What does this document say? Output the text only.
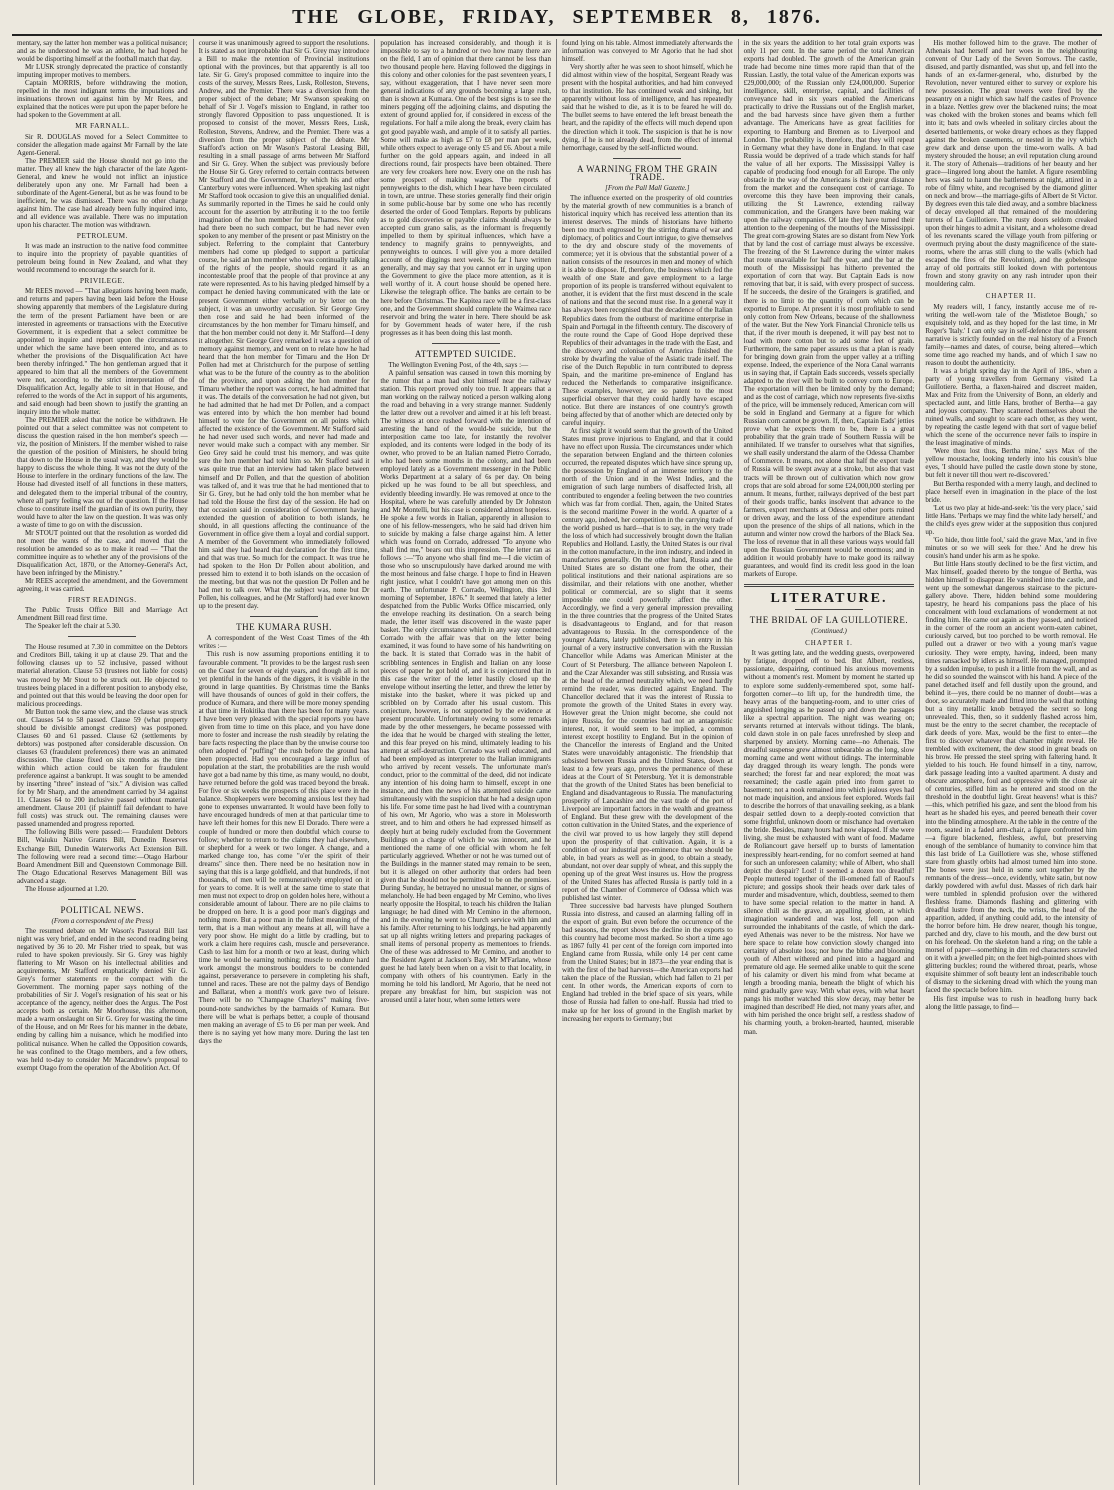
THE GLOBE, FRIDAY, SEPTEMBER 8, 1876.

mentary, say the latter hon member was a political nuisance; and as he understood he was an athlete, he had hoped he would be disporting himself at the football match that day.

Mr LUSK strongly deprecated the practice of constantly imputing improper motives to members.

Captain MORRIS, before withdrawing the motion, repelled in the most indignant terms the imputations and insinuations thrown out against him by Mr Rees, and explained that the notices were put upon the paper before he had spoken to the Government at all.

MR FARNALL.

Sir R. DOUGLAS moved for a Select Committee to consider the allegation made against Mr Farnall by the late Agent-General.

The PREMIER said the House should not go into the matter. They all knew the high character of the late Agent-General, and knew he would not inflict an injustice deliberately upon any one. Mr Farnall had been a subordinate of the Agent-General, but as he was found to be inefficient, he was dismissed. There was no other charge against him. The case had already been fully inquired into, and all evidence was available. There was no imputation upon his character. The motion was withdrawn.

PETROLEUM.

It was made an instruction to the native food committee to inquire into the propriety of payable quantities of petroleum being found in New Zealand, and what they would recommend to encourage the search for it.

PRIVILEGE.

Mr REES moved — "That allegations having been made, and returns and papers having been laid before the House showing apparently that members of the Legislature during the term of the present Parliament have been or are interested in agreements or transactions with the Executive Government, it is expedient that a select committee be appointed to inquire and report upon the circumstances under which the same have been entered into, and as to whether the provisions of the Disqualification Act have been thereby infringed." The hon gentleman argued that it appeared to him that all the members of the Government were not, according to the strict interpretation of the Disqualification Act, legally able to sit in that House, and referred to the words of the Act in support of his arguments, and said enough had been shown to justify the granting an inquiry into the whole matter.

The PREMIER asked that the notice be withdrawn. He pointed out that a select committee was not competent to discuss the question raised in the hon member's speech — viz, the position of Ministers. If the member wished to raise the question of the position of Ministers, he should bring that down to the House in the usual way, and they would be happy to discuss the whole thing. It was not the duty of the House to interfere in the ordinary functions of the law. The House had divested itself of all functions in these matters, and delegated them to the imperial tribunal of the country, where all party feeling was out of the question. If the House chose to constitute itself the guardian of its own purity, they would have to alter the law on the question. It was was only a waste of time to go on with the discussion.

Mr STOUT pointed out that the resolution as worded did not meet the wants of the case, and moved that the resolution be amended so as to make it read — "That the committee inquire as to whether any of the provisions of the Disqualification Act, 1870, or the Attorney-General's Act, have been infringed by the Ministry."

Mr REES accepted the amendment, and the Government agreeing, it was carried.

FIRST READINGS.

The Public Trusts Office Bill and Marriage Act Amendment Bill read first time.

The Speaker left the chair at 5.30.

The House resumed at 7.30 in committee on the Debtors and Creditors Bill, taking it up at clause 29. That and the following clauses up to 52 inclusive, passed without material alteration. Clause 53 (trustees not liable for costs) was moved by Mr Stout to be struck out. He objected to trustees being placed in a different position to anybody else, and pointed out that this would be leaving the door open for malicious proceedings.

Mr Button took the same view, and the clause was struck out. Clauses 54 to 58 passed. Clause 59 (what property should be divisible amongst creditors) was postponed. Clauses 60 and 61 passed. Clause 62 (settlements by debtors) was postponed after considerable discussion. On clauses 63 (fraudulent preferences) there was an animated discussion. The clause fixed on six months as the time within which action could be taken for fraudulent preference against a bankrupt. It was sought to be amended by inserting "three" instead of "six." A division was called for by Mr Sharp, and the amendment carried by 34 against 11. Clauses 64 to 200 inclusive passed without material amendment. Clause 201 (if plaintiff fail defendant to have full costs) was struck out. The remaining clauses were passed unamended and progress reported.

The following Bills were passed:— Fraudulent Debtors Bill, Waiuku Native Grants Bill, Dunedin Reserves Exchange Bill, Dunedin Waterworks Act Extension Bill. The following were read a second time:—Otago Harbour Board Amendment Bill and Queenstown Commonage Bill. The Otago Educational Reserves Management Bill was advanced a stage.

The House adjourned at 1.20.

POLITICAL NEWS.
(From a correspondent of the Press)

The resumed debate on Mr Wason's Pastoral Bill last night was very brief, and ended in the second reading being negatived by 36 to 20. Mr Fisher tried to speak, but was ruled to have spoken previously. Sir G. Grey was highly flattering to Mr Wason on his intellectual abilities and acquirements, Mr Stafford emphatically denied Sir G. Grey's former statements re the compact with the Government. The morning paper says nothing of the probabilities of Sir J. Vogel's resignation of his seat or his acceptance of the agency, neither does the Argus. The Post accepts both as certain. Mr Moorhouse, this afternoon, made a warm onslaught on Sir G. Grey for wasting the time of the House, and on Mr Rees for his manner in the debate, ending by calling him a nuisance, which he modified into political nuisance. When he called the Opposition cowards, he was confined to the Otago members, and a few others, was held to-day to consider Mr Macandrew's proposal to exempt Otago from the operation of the Abolition Act. Of

course it was unanimously agreed to support the resolutions. It is stated as not improbable that Sir G. Grey may introduce a Bill to make the retention of Provincial institutions optional with the provinces, but that apparently is all too late. Sir G. Grey's proposed committee to inquire into the costs of the survey, Messrs Rees, Lusk, Rolleston, Stevens, Andrew, and the Premier. There was a diversion from the proper subject of the debate; Mr Swanson speaking on behalf of Sir J. Vogel's mission to England, in rather too strongly flavored Opposition to pass unquestioned. It is proposed to consist of the mover, Messrs Rees, Lusk, Rolleston, Stevens, Andrew, and the Premier. There was a diversion from the proper subject of the debate. Mr Stafford's action on Mr Wason's Pastoral Leasing Bill, resulting in a small passage of arms between Mr Stafford and Sir G. Grey. When the subject was previously before the House Sir G. Grey referred to certain contracts between Mr Stafford and the Government, by which his and other Canterbury votes were influenced. When speaking last night Mr Stafford took occasion to give this an unqualified denial. As summarily reported in the Times he said he could only account for the assertion by attributing it to the too fertile imagination of the hon member for the Thames. Not only had there been no such compact, but he had never even spoken to any member of the present or past Ministry on the subject. Referring to the complaint that Canterbury members had come up pledged to support a particular course, he said an hon member who was continually talking of the rights of the people, should regard it as an incontestable proof that the people of that province at any rate were represented. As to his having pledged himself by a compact he denied having communicated with the late or present Government either verbally or by letter on the subject, it was an unworthy accusation. Sir George Grey then rose and said he had been informed of the circumstances by the hon member for Timaru himself, and that the hon member could not deny it. Mr Stafford—I deny it altogether. Sir George Grey remarked it was a question of memory against memory, and went on to relate how he had heard that the hon member for Timaru and the Hon Dr Pollen had met at Christchurch for the purpose of settling what was to be the future of the country as to the abolition of the province, and upon asking the hon member for Timaru whether the report was correct, he had admitted that it was. The details of the conversation he had not given, but he had admitted that he had met Dr Pollen, and a compact was entered into by which the hon member had bound himself to vote for the Government on all points which affected the existence of the Government. Mr Stafford said he had never used such words, and never had made and never would make such a compact with any member. Sir Geo Grey said he could trust his memory, and was quite sure the hon member had told him so. Mr Stafford said it was quite true that an interview had taken place between himself and Dr Pollen, and that the question of abolition was talked of, and it was true that he had mentioned that to Sir G. Grey, but he had only told the hon member what he had told the House the first day of the session. He had on that occasion said in consideration of Government having extended the question of abolition to both islands, he should, in all questions affecting the continuance of the Government in office give them a loyal and cordial support. A member of the Government who immediately followed him said they had heard that declaration for the first time, and that was true. So much for the compact. It was true he had spoken to the Hon Dr Pollen about abolition, and pressed him to extend it to both islands on the occasion of the meeting, but that was not the question Dr Pollen and he had met to talk over. What the subject was, none but Dr Pollen, his colleagues, and he (Mr Stafford) had ever known up to the present day.

THE KUMARA RUSH.

A correspondent of the West Coast Times of the 4th writes :—

This rush is now assuming proportions entitling it to favourable comment. "It provides to be the largest rush seen on the Coast for seven or eight years, and though all is not yet plentiful in the hands of the diggers, it is visible in the ground in large quantities. By Christmas time the Banks will have thousands of ounces of gold in their coffers, the produce of Kumara, and there will be more money spending at that time in Hokitika than there has been for many years. I have been very pleased with the special reports you have given from time to time on this place, and you have done more to foster and increase the rush steadily by relating the bare facts respecting the place than by the unwise course too often adopted of "puffing" the rush before the ground has been prospected. Had you encouraged a large influx of population at the start, the probabilities are the rush would have got a bad name by this time, as many would, no doubt, have returned before the gold was traced beyond the break. For five or six weeks the prospects of this place were in the balance. Shopkeepers were becoming anxious lest they had gone to expenses unwarranted. It would have been folly to have encouraged hundreds of men at that particular time to have left their homes for this new El Dorado. There were a couple of hundred or more then doubtful which course to follow; whether to return to the claims they had elsewhere, or shepherd for a week or two longer. A change, and a marked change too, has come "o'er the spirit of their dreams" since then. There need be no hesitation now in saying that this is a large goldfield, and that hundreds, if not thousands, of men will be remuneratively employed on it for years to come. It is well at the same time to state that men must not expect to drop on golden holes here, without a considerable amount of labour. There are no pile claims to be dropped on here. It is a good poor man's diggings and nothing more. But a poor man in the fullest meaning of the term, that is a man without any means at all, will have a very poor show. He might do a little by cradling, but to work a claim here requires cash, muscle and perseverance. Cash to last him for a month or two at least, during which time he would be earning nothing; muscle to endure hard work amongst the monstrous boulders to be contended against, perseverance to persevere in completing his shaft, tunnel and races. These are not the palmy days of Bendigo and Ballarat, when a month's work gave two of leisure. There will be no "Champagne Charleys" making five-pound-note sandwiches by the barmaids of Kumara. But there will be what is perhaps better, a couple of thousand men making an average of £5 to £6 per man per week. And there is no saying yet how many more. During the last ten days the

population has increased considerably, and though it is impossible to say to a hundred or two how many there are on the field, I am of opinion that there cannot be less than two thousand people here. Having followed the diggings in this colony and other colonies for the past seventeen years, I say, without exaggeration, that I have never seen more general indications of any grounds becoming a large rush, than is shown at Kumara. One of the best signs is to see the miners pegging off the adjoining claims, and disputing the extent of ground applied for, if considered in excess of the regulations. For half a mile along the break, every claim has got good payable wash, and ample of it to satisfy all parties. Some will make as high as £7 to £8 per man per week, while others expect to average only £5 and £6. About a mile further on the gold appears again, and indeed in all directions round, fair prospects have been obtained. There are very few croakers here now. Every one on the rush has some prospect of making wages. The reports of pennyweights to the dish, which I hear have been circulated in town, are untrue. These stories generally find their origin in some public-house bar by some one who has recently deserted the order of Good Templars. Reports by publicans as to gold discoveries or payable claims should always be accepted cum grano salis, as the informant is frequently impelled to them by spiritual influences, which have a tendency to magnify grains to pennyweights, and pennyweights to ounces. I will give you a more detailed account of the diggings next week. So far I have written generally, and may say that you cannot err in urging upon the Government to give the place more attention, as it is well worthy of it. A court house should be opened here. Likewise the telegraph office. The banks are certain to be here before Christmas. The Kapitea race will be a first-class one, and the Government should complete the Waimea race reservoir and bring the water in here. There should be ask for by Government heads of water here, if the rush progresses as it has been doing this last month.

ATTEMPTED SUICIDE.

The Wellington Evening Post, of the 4th, says :—

A painful sensation was caused in town this morning by the rumor that a man had shot himself near the railway station. This report proved only too true. It appears that a man working on the railway noticed a person walking along the road and behaving in a very strange manner. Suddenly the latter drew out a revolver and aimed it at his left breast. The witness at once rushed forward with the intention of arresting the hand of the would-be suicide, but the interposition came too late, for instantly the revolver exploded, and its contents were lodged in the body of its owner, who proved to be an Italian named Pietro Corrado, who had been some months in the colony, and had been employed lately as a Government messenger in the Public Works Department at a salary of 6s per day. On being picked up he was found to be all but speechless, and evidently bleeding inwardly. He was removed at once to the Hospital, where he was carefully attended by Dr Johnston and Mr Montelli, but his case is considered almost hopeless. He spoke a few words in Italian, apparently in allusion to one of his fellow-messengers, who he said had driven him to suicide by making a false charge against him. A letter which was found on Corrado, addressed "To anyone who shall find me," bears out this impression. The letter ran as follows :—"To anyone who shall find me—I die victim of those who so unscrupulously have darked around me with the most heinous and false charge. I hope to find in Heaven right justice, what I couldn't have got among men on this earth. The unfortunate P. Corrado, Wellington, this 3rd morning of September, 1876." It seemed that lately a letter despatched from the Public Works Office miscarried, only the envelope reaching its destination. On a search being made, the letter itself was discovered in the waste paper basket. The only circumstance which in any way connected Corrado with the affair was that on the letter being examined, it was found to have some of his handwriting on the back. It is stated that Corrado was in the habit of scribbling sentences in English and Italian on any loose pieces of paper he got hold of, and it is conjectured that in this case the writer of the letter hastily closed up the envelope without inserting the letter, and threw the letter by mistake into the basket, where it was picked up and scribbled on by Corrado after his usual custom. This conjecture, however, is not supported by the evidence at present procurable. Unfortunately owing to some remarks made by the other messengers, he became possessed with the idea that he would be charged with stealing the letter, and this fear preyed on his mind, ultimately leading to his attempt at self-destruction. Corrado was well educated, and had been employed as interpreter to the Italian immigrants who arrived by recent vessels. The unfortunate man's conduct, prior to the committal of the deed, did not indicate any intention of his doing harm to himself, except in one instance, and then the news of his attempted suicide came simultaneously with the suspicion that he had a design upon his life. For some time past he had lived with a countryman of his own, Mr Agorio, who was a store in Molesworth street, and to him and others he had expressed himself as deeply hurt at being rudely excluded from the Government Buildings on a charge of which he was innocent, and he mentioned the name of one official with whom he felt particularly aggrieved. Whether or not he was turned out of the Buildings in the manner stated may remain to be seen, but it is alleged on other authority that orders had been given that he should not be permitted to be on the premises. During Sunday, he betrayed no unusual manner, or signs of melancholy. He had been engaged by Mr Cemino, who lives nearly opposite the Hospital, to teach his children the Italian language; he had dined with Mr Cemino in the afternoon, and in the evening he went to Church service with him and his family. After returning to his lodgings, he had apparently sat up all nights writing letters and preparing packages of small items of personal property as mementoes to friends. One of these was addressed to Mr Cemino, and another to the Resident Agent at Jackson's Bay, Mr M'Farlane, whose guest he had lately been when on a visit to that locality, in company with others of his countrymen. Early in the morning he told his landlord, Mr Agorio, that he need not prepare any breakfast for him, but suspicion was not aroused until a later hour, when some letters were

found lying on his table. Almost immediately afterwards the information was conveyed to Mr Agorio that he had shot himself.

Very shortly after he was seen to shoot himself, which he did almost within view of the hospital, Sergeant Ready was present with the hospital authorities, and had him conveyed to that institution. He has continued weak and sinking, but apparently without loss of intelligence, and has repeatedly said that he wished to die, as it is to be feared he will do. The bullet seems to have entered the left breast beneath the heart, and the rapidity of the effects will much depend upon the direction which it took. The suspicion is that he is now dying, if he is not already dead, from the effect of internal hemorrhage, caused by the self-inflicted wound.

A WARNING FROM THE GRAIN TRADE.
[From the Pall Mall Gazette.]

The influence exerted on the prosperity of old countries by the material growth of new communities is a branch of historical inquiry which has received less attention than its interest deserves. The minds of historians have hitherto been too much engrossed by the stirring drama of war and diplomacy, of politics and Court intrigue, to give themselves to the dry and obscure study of the movements of commerce; yet it is obvious that the substantial power of a nation consists of the resources in men and money of which it is able to dispose. If, therefore, the business which fed the wealth of one State and gave employment to a large proportion of its people is transferred without equivalent to another, it is evident that the first must descend in the scale of nations and that the second must rise. In a general way it has always been recognised that the decadence of the Italian Republics dates from the outburst of maritime enterprise in Spain and Portugal in the fifteenth century. The discovery of the route round the Cape of Good Hope deprived these Republics of their advantages in the trade with the East, and the discovery and colonisation of America finished the stroke by dwarfing the value of the Asiatic trade itself. The rise of the Dutch Republic in turn contributed to depress Spain, and the maritime pre-eminence of England has reduced the Netherlands to comparative insignificance. These examples, however, are so patent to the most superficial observer that they could hardly have escaped notice. But there are instances of one country's growth being affected by that of another which are detected only by careful inquiry.

At first sight it would seem that the growth of the United States must prove injurious to England, and that it could have no effect upon Russia. The circumstances under which the separation between England and the thirteen colonies occurred, the repeated disputes which have since sprung up, the possession by England of an immense territory to the north of the Union and in the West Indies, and the emigration of such large numbers of disaffected Irish, all contributed to engender a feeling between the two countries which was far from cordial. Then, again, the United States is the second maritime Power in the world. A quarter of a century ago, indeed, her competition in the carrying trade of the world pushed us hard—that is to say, in the very trade the loss of which had successively brought down the Italian Republics and Holland. Lastly, the United States is our rival in the cotton manufacture, in the iron industry, and indeed in manufactures generally. On the other hand, Russia and the United States are so distant one from the other, their political institutions and their national aspirations are so dissimilar, and their relations with one another, whether political or commercial, are so slight that it seems impossible one could powerfully affect the other. Accordingly, we find a very general impression prevailing in the three countries that the progress of the United States is disadvantageous to England, and for that reason advantageous to Russia. In the correspondence of the younger Adams, lately published, there is an entry in his journal of a very instructive conversation with the Russian Chancellor while Adams was American Minister at the Court of St Petersburg. The alliance between Napoleon I. and the Czar Alexander was still subsisting, and Russia was at the head of the armed neutrality which, we need hardly remind the reader, was directed against England. The Chancellor declared that it was the interest of Russia to promote the growth of the United States in every way. However great the Union might become, she could not injure Russia, for the countries had not an antagonistic interest, nor, it would seem to be implied, a common interest except hostility to England. But in the opinion of the Chancellor the interests of England and the United States were unavoidably antagonistic. The friendship that subsisted between Russia and the United States, down at least to a few years ago, proves the permanence of these ideas at the Court of St Petersburg. Yet it is demonstrable that the growth of the United States has been beneficial to England and disadvantageous to Russia. The manufacturing prosperity of Lancashire and the vast trade of the port of Liverpool are important factors in the wealth and greatness of England. But these grew with the development of the cotton cultivation in the United States, and the experience of the civil war proved to us how largely they still depend upon the prosperity of that cultivation. Again, it is a condition of our industrial pre-eminence that we should be able, in bad years as well as in good, to obtain a steady, abundant, not over dear supply of wheat, and this supply the opening up of the great West insures us. How the progress of the United States has affected Russia is partly told in a report of the Chamber of Commerce of Odessa which was published last winter.

Three successive bad harvests have plunged Southern Russia into distress, and caused an alarming falling off in the export of grain. But even before the occurrence of the bad seasons, the report shows the decline in the exports to this country had become most marked. So short a time ago as 1867 fully 41 per cent of the foreign corn imported into England came from Russia, while only 14 per cent came from the United States; but in 1873—the year ending that is with the first of the bad harvests—the American exports had taken the place of the Russian, which had fallen to 21 per cent. In other words, the American exports of corn to England had trebled in the brief space of six years, while those of Russia had fallen to one-half. Russia had tried to make up for her loss of ground in the English market by increasing her exports to Germany; but

in the six years the addition to her total grain exports was only 11 per cent. In the same period the total American exports had doubled. The growth of the American grain trade had become nine times more rapid than that of the Russian. Lastly, the total value of the American exports was £29,000,000; of the Russian only £24,000,000. Superior intelligence, skill, enterprise, capital, and facilities of conveyance had in six years enabled the Americans practically to drive the Russians out of the English market, and the bad harvests since have given them a further advantage. The Americans have as great facilities for exporting to Hamburg and Bremen as to Liverpool and London. The probability is, therefore, that they will repeat in Germany what they have done in England. In that case Russia would be deprived of a trade which stands for half the value of all her exports. The Mississippi Valley is capable of producing food enough for all Europe. The only obstacle in the way of the Americans is their great distance from the market and the consequent cost of carriage. To overcome this they have been improving their canals, utilizing the St Lawrence, extending railway communication, and the Grangers have been making war upon the railway companies. Of late they have turned their attention to the deepening of the mouths of the Mississippi. The great corn-growing States are so distant from New York that by land the cost of carriage must always be excessive. The freezing of the St Lawrence during the winter makes that route unavailable for half the year, and the bar at the mouth of the Mississippi has hitherto prevented the exportation of corn that way. But Captain Eads is now removing that bar, it is said, with every prospect of success. If he succeeds, the desire of the Graingers is gratified, and there is no limit to the quantity of corn which can be exported to Europe. At present it is most profitable to send only cotton from New Orleans, because of the shallowness of the water. But the New York Financial Chronicle tells us that, if the river mouth is deepened, it will pay best not to load with more cotton but to add some feet of grain. Furthermore, the same paper assures us that a plan is ready for bringing down grain from the upper valley at a trifling expense. Indeed, the experience of the Nora Canal warrants us in saying that, if Captain Eads succeeds, vessels specially adapted to the river will be built to convey corn to Europe. The exportation will then be limited only by the demand; and as the cost of carriage, which now represents five-sixths of the price, will be immensely reduced, American corn will be sold in England and Germany at a figure for which Russian corn cannot be grown. If, then, Captain Eads' jetties prove what he expects them to be, there is a great probability that the grain trade of Southern Russia will be annihilated. If we transfer to ourselves what that signifies, we shall easily understand the alarm of the Odessa Chamber of Commerce. It means, not alone that half the export trade of Russia will be swept away at a stroke, but also that vast tracts will be thrown out of cultivation which now grow crops that are sold abroad for some £24,000,000 sterling per annum. It means, further, railways deprived of the best part of their goods traffic, banks insolvent that advance to the farmers, export merchants at Odessa and other ports ruined or driven away, and the loss of the expenditure attendant upon the presence of the ships of all nations, which in the autumn and winter now crowd the harbors of the Black Sea. The loss of revenue that in all these various ways would fall upon the Russian Government would be enormous; and in addition it would probably have to make good its railway guarantees, and would find its credit less good in the loan markets of Europe.

LITERATURE.
THE BRIDAL OF LA GUILLOTIERE.
(Continued.)
CHAPTER I.

It was getting late, and the wedding guests, overpowered by fatigue, dropped off to bed. But Albert, restless, passionate, despairing, continued his anxious movements without a moment's rest. Moment by moment he started up to explore some suddenly-remembered spot, some half-forgotten corner—to lift up, for the hundredth time, the heavy arras of the banqueting-room, and to utter cries of anguished longing as he passed up and down the passages like a spectral apparition. The night was wearing on; servants returned at intervals without tidings. The blank, cold dawn stole in on pale faces unrefreshed by sleep and sharpened by anxiety. Morning came—no Athenais. The dreadful suspense grew almost unbearable as the long, slow morning came and went without tidings. The interminable day dragged through its weary length. The ponds were searched; the forest far and near explored; the moat was reexamined; the castle again pried into from garret to basement; not a nook remained into which jealous eyes had not made inquisition, and anxious feet explored. Words fail to describe the horrors of that unavailing seeking, as a blank despair settled down to a deeply-rooted conviction that some frightful, unknown doom or mischance had overtaken the bride. Besides, many hours had now elapsed. If she were living, she must be exhausted with want of food. Madame de Roliancourt gave herself up to bursts of lamentation inexpressibly heart-rending, for no comfort seemed at hand for such an unforeseen calamity; while of Albert, who shall depict the despair? Lost! it seemed a dozen too dreadful! People muttered together of the ill-omened fall of Raoul's picture; and gossips shook their heads over dark tales of murder and misadventure, which, doubtless, seemed to them to have some special relation to the matter in hand. A silence chill as the grave, an appalling gloom, at which imagination wandered and was lost, fell upon and surrounded the inhabitants of the castle, of which the dark-eyed Athenais was never to be the mistress. Nor have we here space to relate how conviction slowly changed into certainty of absolute loss; nor how the blithe and blooming youth of Albert withered and pined into a haggard and premature old age. He seemed alike unable to quit the scene of his calamity or divert his mind from what became at length a brooding mania, beneath the blight of which his mind gradually gave way. With what eyes, with what heart pangs his mother watched this slow decay, may better be imagined than described! He died, not many years after, and with him perished the once bright self, a restless shadow of his charming youth, a broken-hearted, haunted, miserable man.

His mother followed him to the grave. The mother of Athenais had herself and her woes in the neighbouring convent of Our Lady of the Seven Sorrows. The castle, disused, and partly dismantled, was shut up, and fell into the hands of an ex-farmer-general, who, disturbed by the Revolution, never ventured either to survey or explore his new possession. The great towers were fired by the peasantry on a night which saw half the castles of Provence in a blaze. Nettles grew over the blackened ruins; the moat was choked with the broken stones and beams which fell into it; bats and owls wheeled in solitary circles about the deserted battlements, or woke dreary echoes as they flapped against the broken casements, or nested in the ivy which grew dark and dense upon the time-worn walls. A bad mystery shrouded the house; an evil reputation clung around it. The story of Athenais—traditions of her beauty and her grace—lingered long about the hamlet. A figure resembling hers was said to haunt the battlements at night, attired in a robe of filmy white, and recognised by the diamond glitter on neck and brow—the marriage-gifts of Albert de St Victor. By degrees even this tale died away, and a sombre blackness of decay enveloped all that remained of the mouldering turrets of La Guillotiere. The rusty doors seldom creaked upon their hinges to admit a visitant, and a wholesome dread of les revenants scared the village youth from pilfering or overmuch prying about the dusty magnificence of the state-rooms, where the arras still clung to the walls (which had escaped the fires of the Revolution), and the gobelesque array of old portraits still looked down with portentous frown and stony gravity on any rash intruder upon their mouldering calm.

CHAPTER II.

My readers will, I fancy, instantly accuse me of re-writing the well-worn tale of the 'Mistletoe Bough,' so exquisitely told, and as they hoped for the last time, in Mr Roger's 'Italy.' I can only say in self-defence that the present narrative is strictly founded on the real history of a French family—names and dates, of course, being altered—which some time ago reached my hands, and of which I saw no reason to doubt the authenticity.

It was a bright spring day in the April of 186-, when a party of young travellers from Germany visited La Guillotiere. Bertha, a flaxen-haired and discreet maiden, Max and Fritz from the University of Bonn, an elderly and spectacled aunt, and little Hans, brother of Bertha—a gay and joyous company. They scattered themselves about the ruined walls, and sought to scare each other, as they went, by repeating the castle legend with that sort of vague belief which the scene of the occurrence never fails to inspire in the least imaginative of minds.

'Were thou lost thus, Bertha mine,' says Max of the yellow moustache, looking tenderly into his cousin's blue eyes, 'I should have pulled the castle down stone by stone, but felt it never till thou wert re-discovered.'

But Bertha responded with a merry laugh, and declined to place herself even in imagination in the place of the lost bride.

'Let us two play at hide-and-seek: 'tis the very place,' said little Hans. 'Perhaps we may find the white lady herself,' and the child's eyes grew wider at the supposition thus conjured up.

'Go hide, thou little fool,' said the grave Max, 'and in five minutes or so we will seek for thee.' And he drew his cousin's hand under his arm as he spoke.

But little Hans stoutly declined to be the first victim, and Max himself, goaded thereto by the tongue of Bertha, was hidden himself to disappear. He vanished into the castle, and went up the somewhat dangerous staircase to the picture-gallery above. There, hidden behind some mouldering tapestry, he heard his companions pass the place of his concealment with loud exclamations of wonderment at not finding him. He came out again as they passed, and noticed in the corner of the room an ancient worm-eaten cabinet, curiously carved, but too porched to be worth removal. He pulled out a drawer or two with a young man's vague curiosity. They were empty, having, indeed, been many times ransacked by idlers as himself. He managed, prompted by a sudden impulse, to push it a little from the wall, and as he did so sounded the wainscot with his hand. A piece of the panel detached itself and fell dustily upon the ground, and behind it—yes, there could be no manner of doubt—was a door, so accurately made and fitted into the wall that nothing but a tiny metallic knob betrayed the secret so long unrevealed. This, then, so it suddenly flashed across him, must be the entry to the secret chamber, the receptacle of dark deeds of yore. Max, would be the first to enter—the first to discover whatever that chamber might reveal. He trembled with excitement, the dew stood in great beads on his brow. He pressed the steel spring with faltering hand. It yielded to his touch. He found himself in a tiny, narrow, dark passage leading into a vaulted apartment. A dusty and obscure atmosphere, foul and oppressive with the close air of centuries, stifled him as he entered and stood on the threshold in the doubtful light. Great heavens! what is this?—this, which petrified his gaze, and sent the blood from his heart as he shaded his eyes, and peered beneath their cover into the blinding atmosphere. At the table in the centre of the room, seated in a faded arm-chair, a figure confronted him—a figure blackened, fleshless, awful, but preserving enough of the semblance of humanity to convince him that this last bride of La Guillotiere was she, whose stiffened stare from ghastly orbits had almost turned him into stone. The bones were just held in some sort together by the remnants of the dress—once, evidently, white satin, but now darkly powdered with awful dust. Masses of rich dark hair were tumbled in splendid profusion over the withered fleshless frame. Diamonds flashing and glittering with dreadful lustre from the neck, the wrists, the head of the apparition, added, if anything could add, to the intensity of the horror before him. He drew nearer, though his tongue, parched and dry, clave to his mouth, and the dew burst out on his forehead. On the skeleton hand a ring; on the table a morsel of paper—something in dim red characters scrawled on it with a jewelled pin; on the feet high-pointed shoes with glittering buckles; round the withered throat, pearls, whose exquisite shimmer of soft beauty lent an indescribable touch of dismay to the sickening dread with which the young man faced the spectacle before him.

His first impulse was to rush in headlong hurry back along the little passage, to find—
